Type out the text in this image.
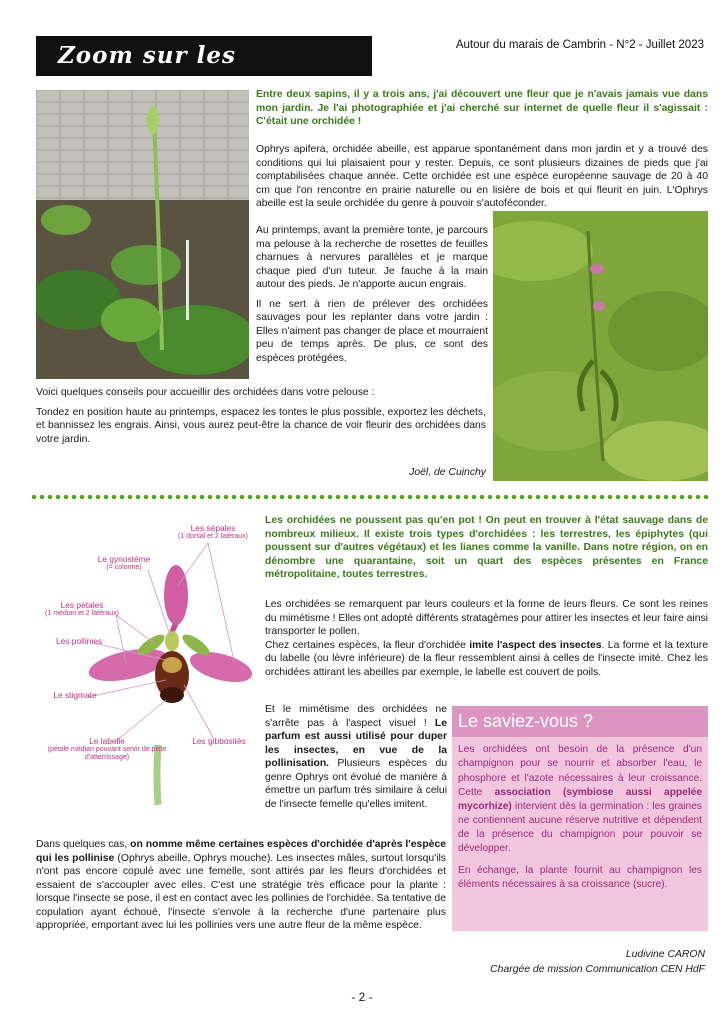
Zoom sur les	Autour du marais de Cambrin - N°2 - Juillet 2023

Entre deux sapins, il y a trois ans, j'ai découvert une fleur que je n'avais jamais vue dans mon jardin. Je l'ai photographiée et j'ai cherché sur internet de quelle fleur il s'agissait : C'était une orchidée !

Ophrys apifera, orchidée abeille, est apparue spontanément dans mon jardin et y a trouvé des conditions qui lui plaisaient pour y rester. Depuis, ce sont plusieurs dizaines de pieds que j'ai comptabilisées chaque année. Cette orchidée est une espèce européenne sauvage de 20 à 40 cm que l'on rencontre en prairie naturelle ou en lisière de bois et qui fleurit en juin. L'Ophrys abeille est la seule orchidée du genre à pouvoir s'autoféconder.

Au printemps, avant la première tonte, je parcours ma pelouse à la recherche de rosettes de feuilles charnues à nervures parallèles et je marque chaque pied d'un tuteur. Je fauche à la main autour des pieds. Je n'apporte aucun engrais.

Il ne sert à rien de prélever des orchidées sauvages pour les replanter dans votre jardin : Elles n'aiment pas changer de place et mourraient peu de temps après. De plus, ce sont des espèces protégées.

Voici quelques conseils pour accueillir des orchidées dans votre pelouse :

Tondez en position haute au printemps, espacez les tontes le plus possible, exportez les déchets, et bannissez les engrais. Ainsi, vous aurez peut-être la chance de voir fleurir des orchidées dans votre jardin.

Joël, de Cuinchy
Les sépales
(1 dorsal et 2 latéraux)
Le gynostème
(= colonne)
Les pétales
(1 médian et 2 latéraux)
Les pollinies
Le stigmate
Les gibbosités
Le labelle
(pétale médian pouvant servir de piste d'atterrissage)

Les orchidées ne poussent pas qu'en pot ! On peut en trouver à l'état sauvage dans de nombreux milieux. Il existe trois types d'orchidées : les terrestres, les épiphytes (qui poussent sur d'autres végétaux) et les lianes comme la vanille. Dans notre région, on en dénombre une quarantaine, soit un quart des espèces présentes en France métropolitaine, toutes terrestres.

Les orchidées se remarquent par leurs couleurs et la forme de leurs fleurs. Ce sont les reines du mimétisme ! Elles ont adopté différents stratagèmes pour attirer les insectes et leur faire ainsi transporter le pollen.

Chez certaines espèces, la fleur d'orchidée imite l'aspect des insectes. La forme et la texture du labelle (ou lèvre inférieure) de la fleur ressemblent ainsi à celles de l'insecte imité. Chez les orchidées attirant les abeilles par exemple, le labelle est couvert de poils.

Et le mimétisme des orchidées ne s'arrête pas à l'aspect visuel ! Le parfum est aussi utilisé pour duper les insectes, en vue de la pollinisation. Plusieurs espèces du genre Ophrys ont évolué de manière à émettre un parfum très similaire à celui de l'insecte femelle qu'elles imitent.

Dans quelques cas, on nomme même certaines espèces d'orchidée d'après l'espèce qui les pollinise (Ophrys abeille, Ophrys mouche). Les insectes mâles, surtout lorsqu'ils n'ont pas encore copulé avec une femelle, sont attirés par les fleurs d'orchidées et essaient de s'accoupler avec elles. C'est une stratégie très efficace pour la plante : lorsque l'insecte se pose, il est en contact avec les pollinies de l'orchidée. Sa tentative de copulation ayant échoué, l'insecte s'envole à la recherche d'une partenaire plus appropriée, emportant avec lui les pollinies vers une autre fleur de la même espèce.

Le saviez-vous ?

Les orchidées ont besoin de la présence d'un champignon pour se nourrir et absorber l'eau, le phosphore et l'azote nécessaires à leur croissance. Cette association (symbiose aussi appelée mycorhize) intervient dès la germination : les graines ne contiennent aucune réserve nutritive et dépendent de la présence du champignon pour pouvoir se développer.

En échange, la plante fournit au champignon les éléments nécessaires à sa croissance (sucre).

Ludivine CARON
Chargée de mission Communication CEN HdF
- 2 -
